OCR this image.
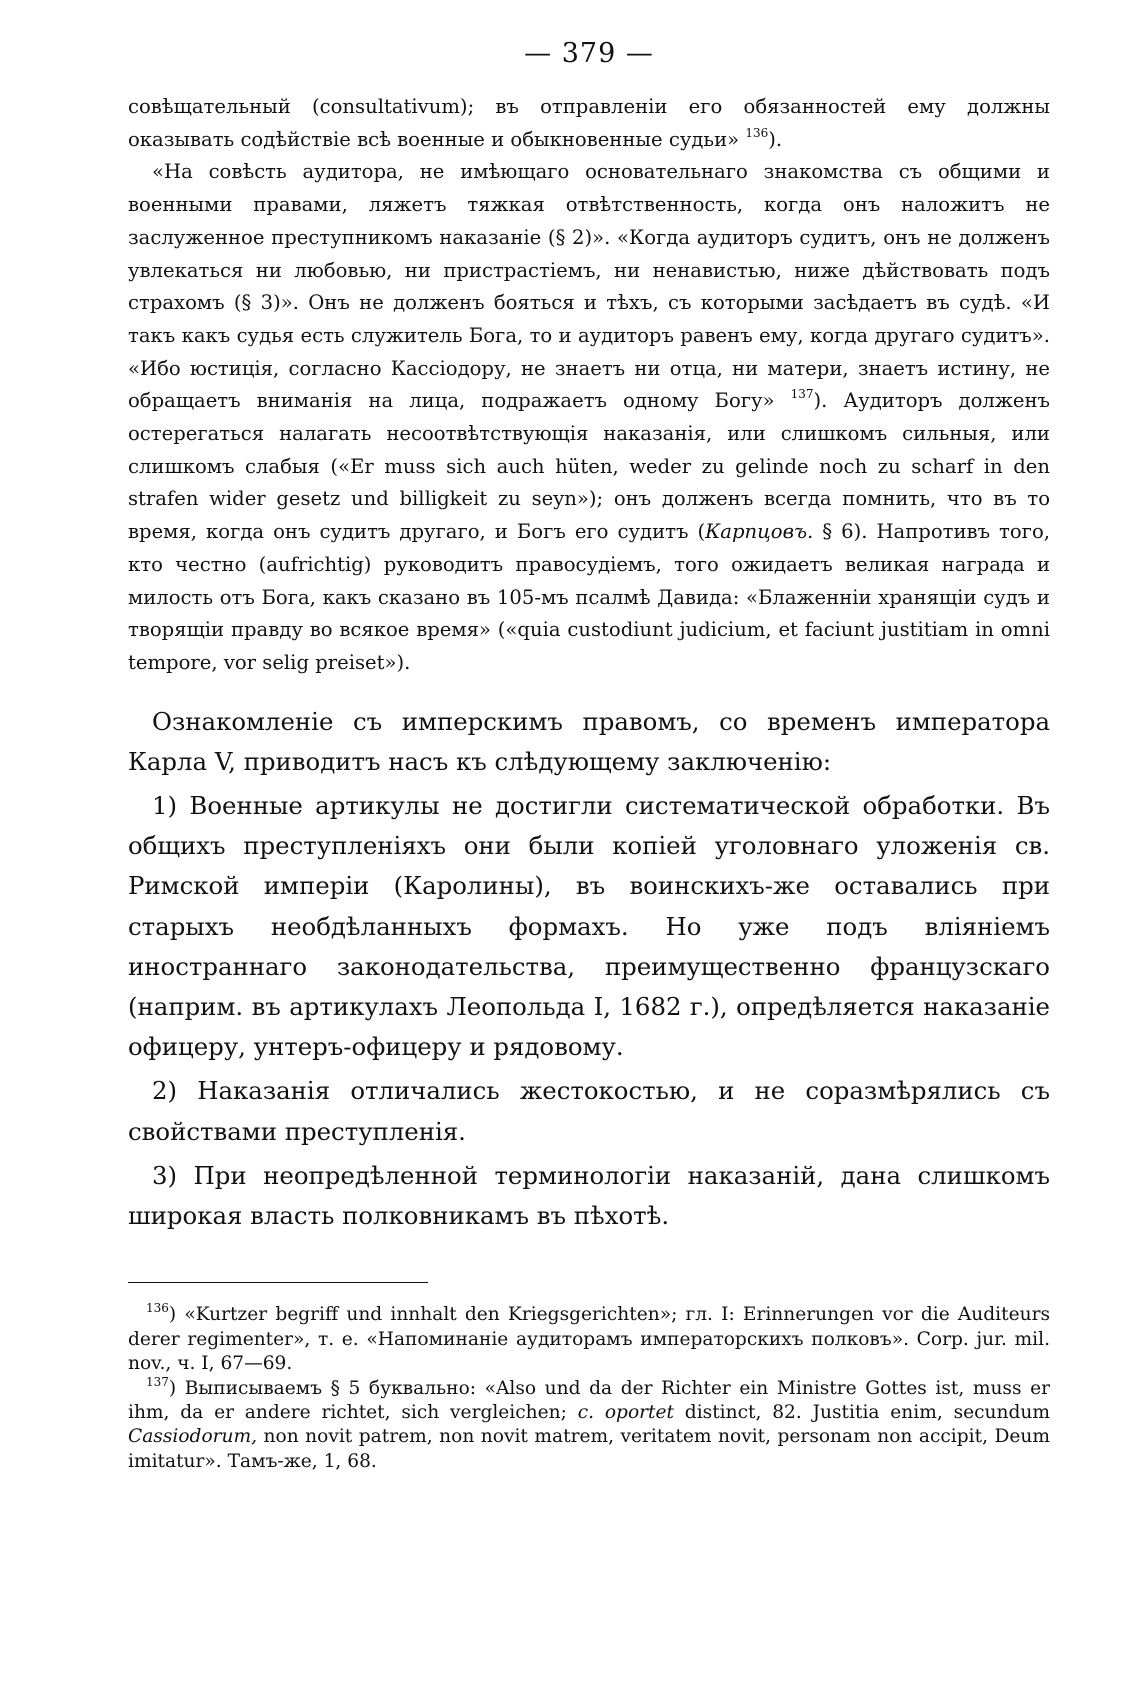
— 379 —

совѣщательный (consultativum); въ отправленіи его обязанностей ему должны оказывать содѣйствіе всѣ военные и обыкновенные судьи» $^{136}$).

«На совѣсть аудитора, не имѣющаго основательнаго знакомства съ общими и военными правами, ляжетъ тяжкая отвѣтственность, когда онъ наложитъ не заслуженное преступникомъ наказаніе (§ 2)». «Когда аудиторъ судитъ, онъ не долженъ увлекаться ни любовью, ни пристрастіемъ, ни ненавистью, ниже дѣйствовать подъ страхомъ (§ 3)». Онъ не долженъ бояться и тѣхъ, съ которыми засѣдаетъ въ судѣ. «И такъ какъ судья есть служитель Бога, то и аудиторъ равенъ ему, когда другаго судитъ». «Ибо юстиція, согласно Кассіодору, не знаетъ ни отца, ни матери, знаетъ истину, не обращаетъ вниманія на лица, подражаетъ одному Богу» $^{137}$). Аудиторъ долженъ остерегаться налагать несоотвѣтствующія наказанія, или слишкомъ сильныя, или слишкомъ слабыя («Er muss sich auch hüten, weder zu gelinde noch zu scharf in den strafen wider gesetz und billigkeit zu seyn»); онъ долженъ всегда помнить, что въ то время, когда онъ судитъ другаго, и Богъ его судитъ (Карпцовъ. § 6). Напротивъ того, кто честно (aufrichtig) руководитъ правосудіемъ, того ожидаетъ великая награда и милость отъ Бога, какъ сказано въ 105-мъ псалмѣ Давида: «Блаженніи хранящіи судъ и творящіи правду во всякое время» («quia custodiunt judicium, et faciunt justitiam in omni tempore, vor selig preiset»).

Ознакомленіе съ имперскимъ правомъ, со временъ императора Карла V, приводитъ насъ къ слѣдующему заключенію:

1) Военные артикулы не достигли систематической обработки. Въ общихъ преступленіяхъ они были копіей уголовнаго уложенія св. Римской имперіи (Каролины), въ воинскихъ-же оставались при старыхъ необдѣланныхъ формахъ. Но уже подъ вліяніемъ иностраннаго законодательства, преимущественно французскаго (наприм. въ артикулахъ Леопольда I, 1682 г.), опредѣляется наказаніе офицеру, унтеръ-офицеру и рядовому.

2) Наказанія отличались жестокостью, и не соразмѣрялись съ свойствами преступленія.

3) При неопредѣленной терминологіи наказаній, дана слишкомъ широкая власть полковникамъ въ пѣхотѣ.

$^{136}$) «Kurtzer begriff und innhalt den Kriegsgerichten»; гл. I: Erinnerungen vor die Auditeurs derer regimenter», т. е. «Напоминаніе аудиторамъ императорскихъ полковъ». Corp. jur. mil. nov., ч. I, 67—69.

$^{137}$) Выписываемъ § 5 буквально: «Also und da der Richter ein Ministre Gottes ist, muss er ihm, da er andere richtet, sich vergleichen; c. oportet distinct, 82. Justitia enim, secundum Cassiodorum, non novit patrem, non novit matrem, veritatem novit, personam non accipit, Deum imitatur». Тамъ-же, 1, 68.
